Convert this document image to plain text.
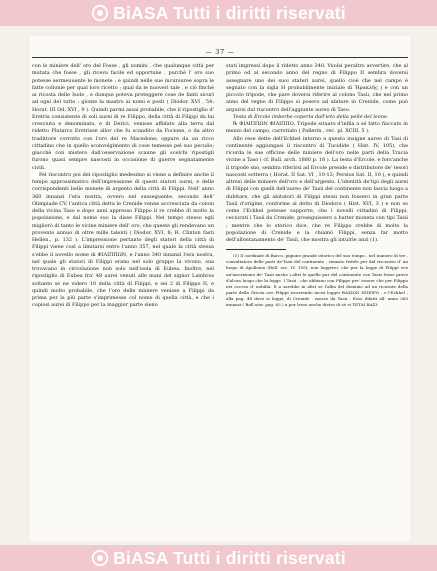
BiASA Tutti i diritti riservati
— 37 —

con le miniere dell' oro del Fosse , gli uomini , che qualunque città per mutata che fosse , gli riceva facile ed opportune , purchè l' oro suo potesse sermeuuente le monete : e quindi nelle sue incursuree sopra le fatte collonie per qual loro ricetto ; qual da le nuoveri tale , e ciò finché ai ricosta delle Isole , e dunque poteva proteggere cose de fanti sicuri ad ogni del tutto : gionte la mastro ai nomi e posti ( Diodor. XVI , 54: Horat. III Od. XVI , 9 ). Quindi parmi assai probabile, che il ripostiglio d' Eretria consistente di soli aurei di re Filippo, della città di Filippi da lui cresciuta e denominata, e di Derici, venisse affidato alla terra dal ridetto Plutarco Eretrisse allor che fu scandito da Focione, o da altro tradittore corrotto con l'oro del re Macedone; oppure da un ricco cittadino che in quello sconvolgimento di cose temesse pel suo peculio; giacchè con mistero dall'osservazione scaune gli scelchi ripostigli furono quasi sempre nascosti in occasione di guerre segnatamente civili.

Pel riscontro poi del ripostiglio medesimo si viene a definire anche il tempo approssimativo dell'impressione di questi statori aurei, e delle corrispondenti belle monete di argento della città di Filippi. Nell' anno 360 innanzi l'era nostra, ovvero nel susseguente, secondo dell' Olimpiade CV, l'antica città detta le Crenide venne accresciuta da coloni della vicina Taso e dopo anni appresso Filippo il re crebbe di molto la popolazione, e dal nome suo la disse Filippi. Nel tempo stesso egli migliorò di tanto le vicine miniere dell' oro, che queste gli rendevano un provento annuo di oltre mille talenti ( Diodor. XVI, 8; R. Clinton fasti Hellen., p. 132 ). L'impressione pertanto degli statori della città di Filippi viene così a limitarsi entro l'anno 357, nel quale la città stessa s'ebbe il novello nome di ΦΙΛΙΠΠΩΝ, e l'anno 340 innanzi l'era nostra, nel quale gli statori di Filippi erano nel solo gruppo la vivono, sua trovavano in circolazione non solo nell'isola di Eubea. Inoltre, nel ripostiglio di Eubea fra' 48 aurei venuti alle mani del signor Lambros soltanto se ne videro 10 della città di Filippi, e sei 2 di Filippo II, e quindi molto probabile, che l'oro delle miniere venisse a Filippi da prima per la più parte s'imprimesse col nome di quella città, e che i copiosi aurei di Filippo per la maggior parte sieno

stati impressi dopo il ridetto anno 340. Vuolsi peraltro avvertire, che al primo od al secondo anno del regno di Filippo II sembra doversi assegnare uno dei suoi stateri aurei, quello cioè che nel campo è segnato con la sigla Η probabilmente iniziale di Ἡρακλῆς ) e con un piccolo tripode, che pare doversi riferire al colono Tasii, che nel primo anno del regno di Filippo si posero ad abitare in Crenide, come può arguirsi dal riscontro dell'aggiunte aureo di Taso.

Testa di Ercole imberbe coperta dall'ieto della pelle del leone.

℞ ΦΙΛΙΠΠΩΝ ΦΙΛΙΠΠΟ. Tripode situato d'infila a sé fatto fiaccato in mezzo del campo, carrotiato ( Pallerin , rec. pl. XCIII, 5 ).

Allo rese dette dell'Eckhel intorno a questo insigne aureo di Tasi di continente aggiungasi il riscontro di Tucidide ( Hist. IV, 105), che ricorda le sue officine delle miniere dell'oro nelle parti della Tracia vicine a Taso ( cf. Bull. arch. 1880 p. 18 ). La testa d'Ercole, e fors'anche il tripode sno, sembra riferirsi ad Ercole preside e distributore de' tesori nascosti sotterra ( Horat. II Sat. VI , 10-13; Persius Sat. II, 10 ), e quindi altresì delle miniere dell'oro e dell'argento. L'identità de'tipi degli aurei di Filippi con quelli dell'aureo de' Tasii del continente non lascia luogo a dubitare, che gli abitatori di Filippi stessi non fossero in gran parte Tasii d'origine, conforme al detto di Diodoro ( Hist. XVI, 3 ) e non so come l'Eckhel potesse supporre, che i novelli cittadini di Filippi, ceciurati i Tasii da Crenide, proseguissero a batter moneta con tipi Tasii ; mentre che lo storico dice, che re Filippo crebbe di molto la popolazione di Crenide e la chiamò Filippi, senza far motto dell'allontanamento de' Tasii, che mostra gli intuirle anzi (1).

(1) Il cardinale di Barco, pigione grande istorico del suo tempo , nel numero di tre , consultatore delle parti de'Tasii del continente , rimasto fedele per dal riscontro d' un luogo di Apollonio (Rell. rec. IV. 195), non leggerei, che per la legge di Filippi ove un'inscrizione de' Tasii anche i altri le quelle pur del continente con Tasio fosse prove d'alcun luogo che la legge. I Tasii , che abbiano con Filippo pre' essere che per Filippo nei ecceso d' nobiltà. E a sarebbe in altri se l'alba del dominio ad un ricavate della parte della Grecia ove Filippi ricorrendo incisi loggei ΘΑΣΙΩΝ ΗΠΕΙΡΟ , e l'Eckhel , alla pag. 48 dove si legge, di Crenide . mosse da Tasii . Esso difatti all' anno 360 innanzi ( Bull.stor. pag. 83 ) a pur lesse anche dietro di sé vi ΤΕΤΑΙ ΒΑΣΙ-

BiASA Tutti i diritti riservati
